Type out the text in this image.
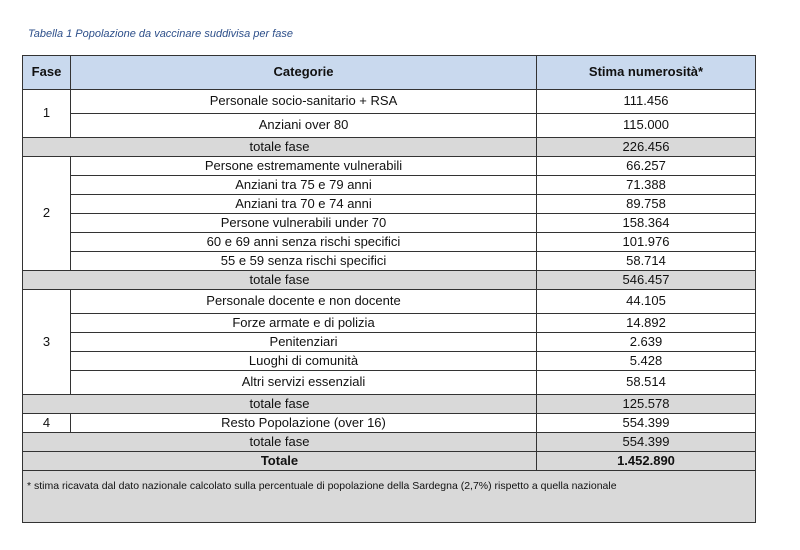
Tabella 1 Popolazione da vaccinare suddivisa per fase

Fase	Categorie	Stima numerosità*
1	Personale socio-sanitario + RSA	111.456
	Anziani over 80	115.000
totale fase		226.456
2	Persone estremamente vulnerabili	66.257
	Anziani tra 75 e 79 anni	71.388
	Anziani tra 70 e 74 anni	89.758
	Persone vulnerabili under 70	158.364
	60 e 69 anni senza rischi specifici	101.976
	55 e 59 senza rischi specifici	58.714
totale fase		546.457
3	Personale docente e non docente	44.105
	Forze armate e di polizia	14.892
	Penitenziari	2.639
	Luoghi di comunità	5.428
	Altri servizi essenziali	58.514
totale fase		125.578
4	Resto Popolazione (over 16)	554.399
totale fase		554.399
Totale		1.452.890
* stima ricavata dal dato nazionale calcolato sulla percentuale di popolazione della Sardegna (2,7%) rispetto a quella nazionale		
